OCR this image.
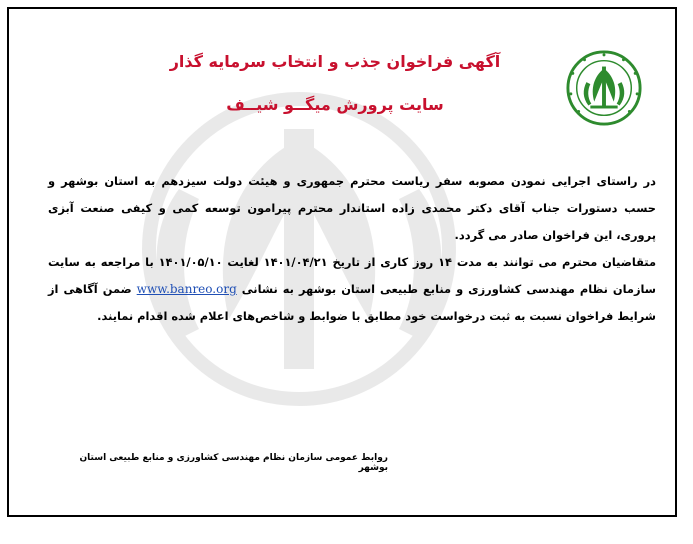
آگهی فراخوان جذب و انتخاب سرمایه گذار
سایت پرورش میگــو شیــف

در راستای اجرایی نمودن مصوبه سفر ریاست محترم جمهوری و هیئت دولت سیزدهم به استان بوشهر و حسب دستورات جناب آقای دکتر محمدی زاده استاندار محترم پیرامون توسعه کمی و کیفی صنعت آبزی پروری، این فراخوان صادر می گردد.

متقاضیان محترم می توانند به مدت ۱۴ روز کاری از تاریخ ۱۴۰۱/۰۴/۲۱ لغایت ۱۴۰۱/۰۵/۱۰ با مراجعه به سایت سازمان نظام مهندسی کشاورزی و منابع طبیعی استان بوشهر به نشانی www.banreo.org ضمن آگاهی از شرایط فراخوان نسبت به ثبت درخواست خود مطابق با ضوابط و شاخص‌های اعلام شده اقدام نمایند.

روابط عمومی سازمان نظام مهندسی کشاورزی و منابع طبیعی استان بوشهر
